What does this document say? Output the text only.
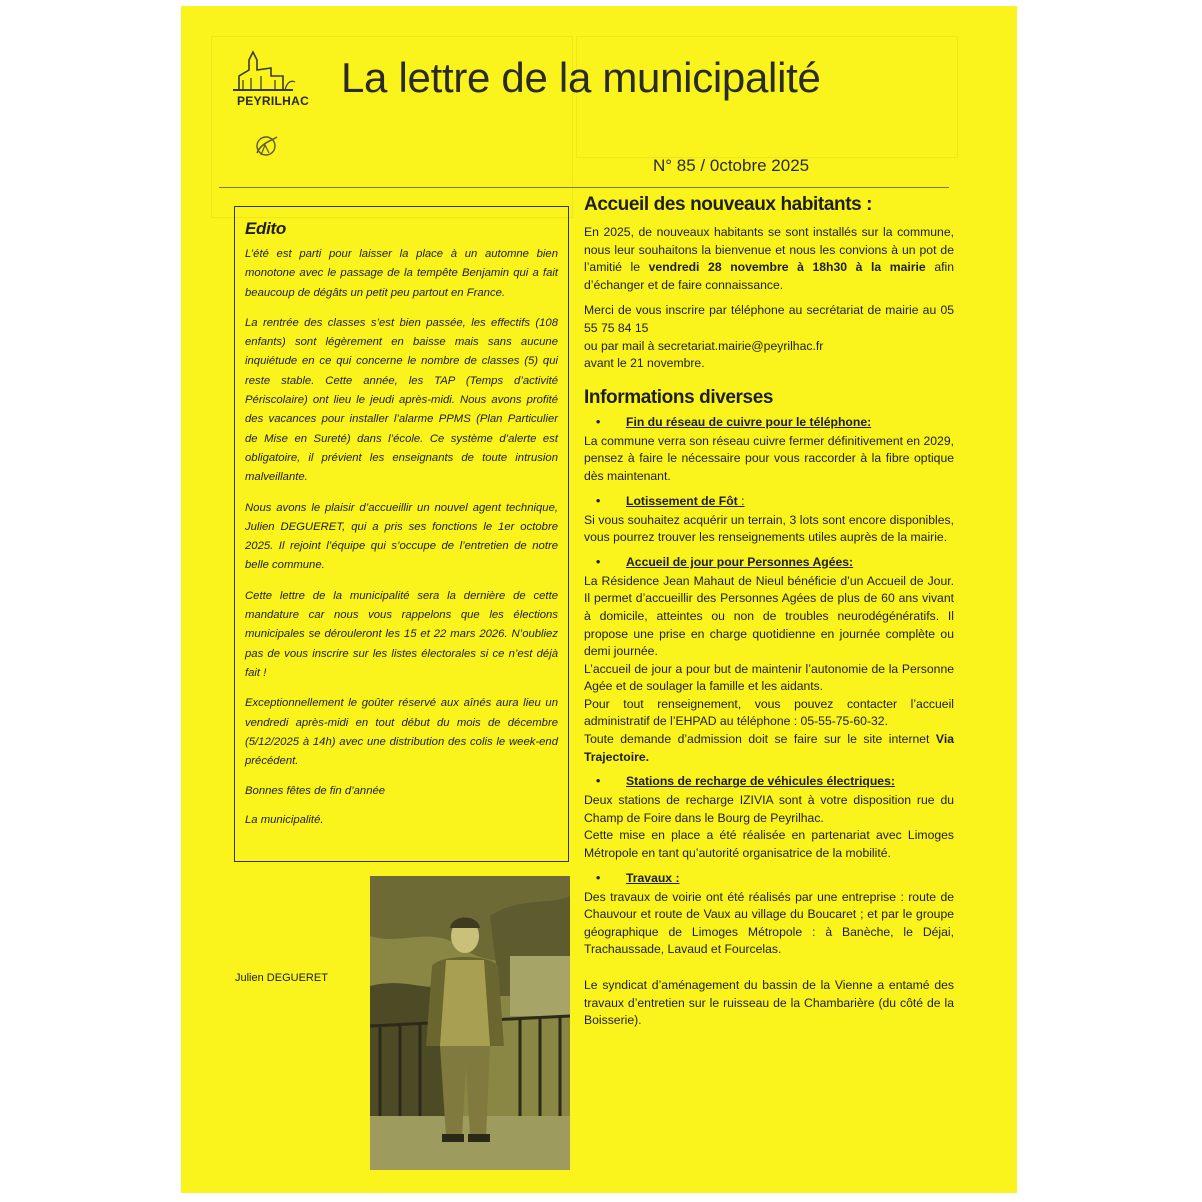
PEYRILHAC La lettre de la municipalité
N° 85 / 0ctobre 2025
Edito

L’été est parti pour laisser la place à un automne bien monotone avec le passage de la tempête Benjamin qui a fait beaucoup de dégâts un petit peu partout en France.

La rentrée des classes s’est bien passée, les effectifs (108 enfants) sont légèrement en baisse mais sans aucune inquiétude en ce qui concerne le nombre de classes (5) qui reste stable. Cette année, les TAP (Temps d’activité Périscolaire) ont lieu le jeudi après-midi. Nous avons profité des vacances pour installer l’alarme PPMS (Plan Particulier de Mise en Sureté) dans l’école. Ce système d’alerte est obligatoire, il prévient les enseignants de toute intrusion malveillante.

Nous avons le plaisir d’accueillir un nouvel agent technique, Julien DEGUERET, qui a pris ses fonctions le 1er octobre 2025. Il rejoint l’équipe qui s’occupe de l’entretien de notre belle commune.

Cette lettre de la municipalité sera la dernière de cette mandature car nous vous rappelons que les élections municipales se dérouleront les 15 et 22 mars 2026. N’oubliez pas de vous inscrire sur les listes électorales si ce n’est déjà fait !

Exceptionnellement le goûter réservé aux aînés aura lieu un vendredi après-midi en tout début du mois de décembre (5/12/2025 à 14h) avec une distribution des colis le week-end précédent.

Bonnes fêtes de fin d’année

La municipalité.

Julien DEGUERET
Accueil des nouveaux habitants :

En 2025, de nouveaux habitants se sont installés sur la commune, nous leur souhaitons la bienvenue et nous les convions à un pot de l’amitié le vendredi 28 novembre à 18h30 à la mairie afin d’échanger et de faire connaissance.

Merci de vous inscrire par téléphone au secrétariat de mairie au 05 55 75 84 15

ou par mail à secretariat.mairie@peyrilhac.fr

avant le 21 novembre.

Informations diverses
• Fin du réseau de cuivre pour le téléphone:

La commune verra son réseau cuivre fermer définitivement en 2029, pensez à faire le nécessaire pour vous raccorder à la fibre optique dès maintenant.

• Lotissement de Fôt :

Si vous souhaitez acquérir un terrain, 3 lots sont encore disponibles, vous pourrez trouver les renseignements utiles auprès de la mairie.

• Accueil de jour pour Personnes Agées:

La Résidence Jean Mahaut de Nieul bénéficie d’un Accueil de Jour. Il permet d’accueillir des Personnes Agées de plus de 60 ans vivant à domicile, atteintes ou non de troubles neurodégénératifs. Il propose une prise en charge quotidienne en journée complète ou demi journée.

L’accueil de jour a pour but de maintenir l’autonomie de la Personne Agée et de soulager la famille et les aidants.

Pour tout renseignement, vous pouvez contacter l’accueil administratif de l’EHPAD au téléphone : 05-55-75-60-32.

Toute demande d’admission doit se faire sur le site internet Via Trajectoire.

• Stations de recharge de véhicules électriques:

Deux stations de recharge IZIVIA sont à votre disposition rue du Champ de Foire dans le Bourg de Peyrilhac.

Cette mise en place a été réalisée en partenariat avec Limoges Métropole en tant qu’autorité organisatrice de la mobilité.

• Travaux :

Des travaux de voirie ont été réalisés par une entreprise : route de Chauvour et route de Vaux au village du Boucaret ; et par le groupe géographique de Limoges Métropole : à Banèche, le Déjai, Trachaussade, Lavaud et Fourcelas.

Le syndicat d’aménagement du bassin de la Vienne a entamé des travaux d’entretien sur le ruisseau de la Chambarière (du côté de la Boisserie).
